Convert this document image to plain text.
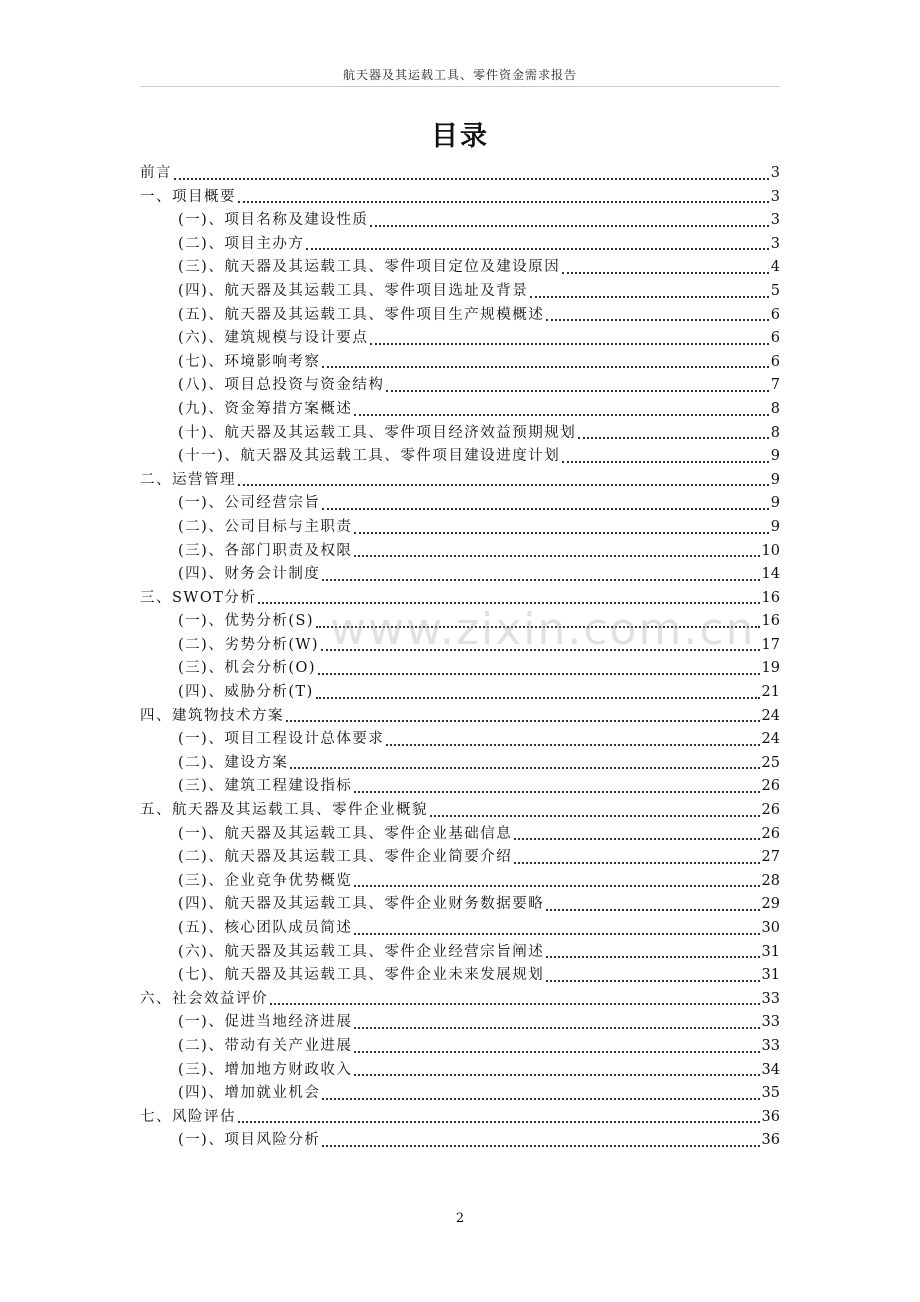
航天器及其运载工具、零件资金需求报告
目录
前言	3
一、项目概要	3
(一)、项目名称及建设性质	3
(二)、项目主办方	3
(三)、航天器及其运载工具、零件项目定位及建设原因	4
(四)、航天器及其运载工具、零件项目选址及背景	5
(五)、航天器及其运载工具、零件项目生产规模概述	6
(六)、建筑规模与设计要点	6
(七)、环境影响考察	6
(八)、项目总投资与资金结构	7
(九)、资金筹措方案概述	8
(十)、航天器及其运载工具、零件项目经济效益预期规划	8
(十一)、航天器及其运载工具、零件项目建设进度计划	9
二、运营管理	9
(一)、公司经营宗旨	9
(二)、公司目标与主职责	9
(三)、各部门职责及权限	10
(四)、财务会计制度	14
三、SWOT分析	16
(一)、优势分析(S)	16
(二)、劣势分析(W)	17
(三)、机会分析(O)	19
(四)、威胁分析(T)	21
四、建筑物技术方案	24
(一)、项目工程设计总体要求	24
(二)、建设方案	25
(三)、建筑工程建设指标	26
五、航天器及其运载工具、零件企业概貌	26
(一)、航天器及其运载工具、零件企业基础信息	26
(二)、航天器及其运载工具、零件企业简要介绍	27
(三)、企业竞争优势概览	28
(四)、航天器及其运载工具、零件企业财务数据要略	29
(五)、核心团队成员简述	30
(六)、航天器及其运载工具、零件企业经营宗旨阐述	31
(七)、航天器及其运载工具、零件企业未来发展规划	31
六、社会效益评价	33
(一)、促进当地经济进展	33
(二)、带动有关产业进展	33
(三)、增加地方财政收入	34
(四)、增加就业机会	35
七、风险评估	36
(一)、项目风险分析	36
www.zixin.com.cn
2
